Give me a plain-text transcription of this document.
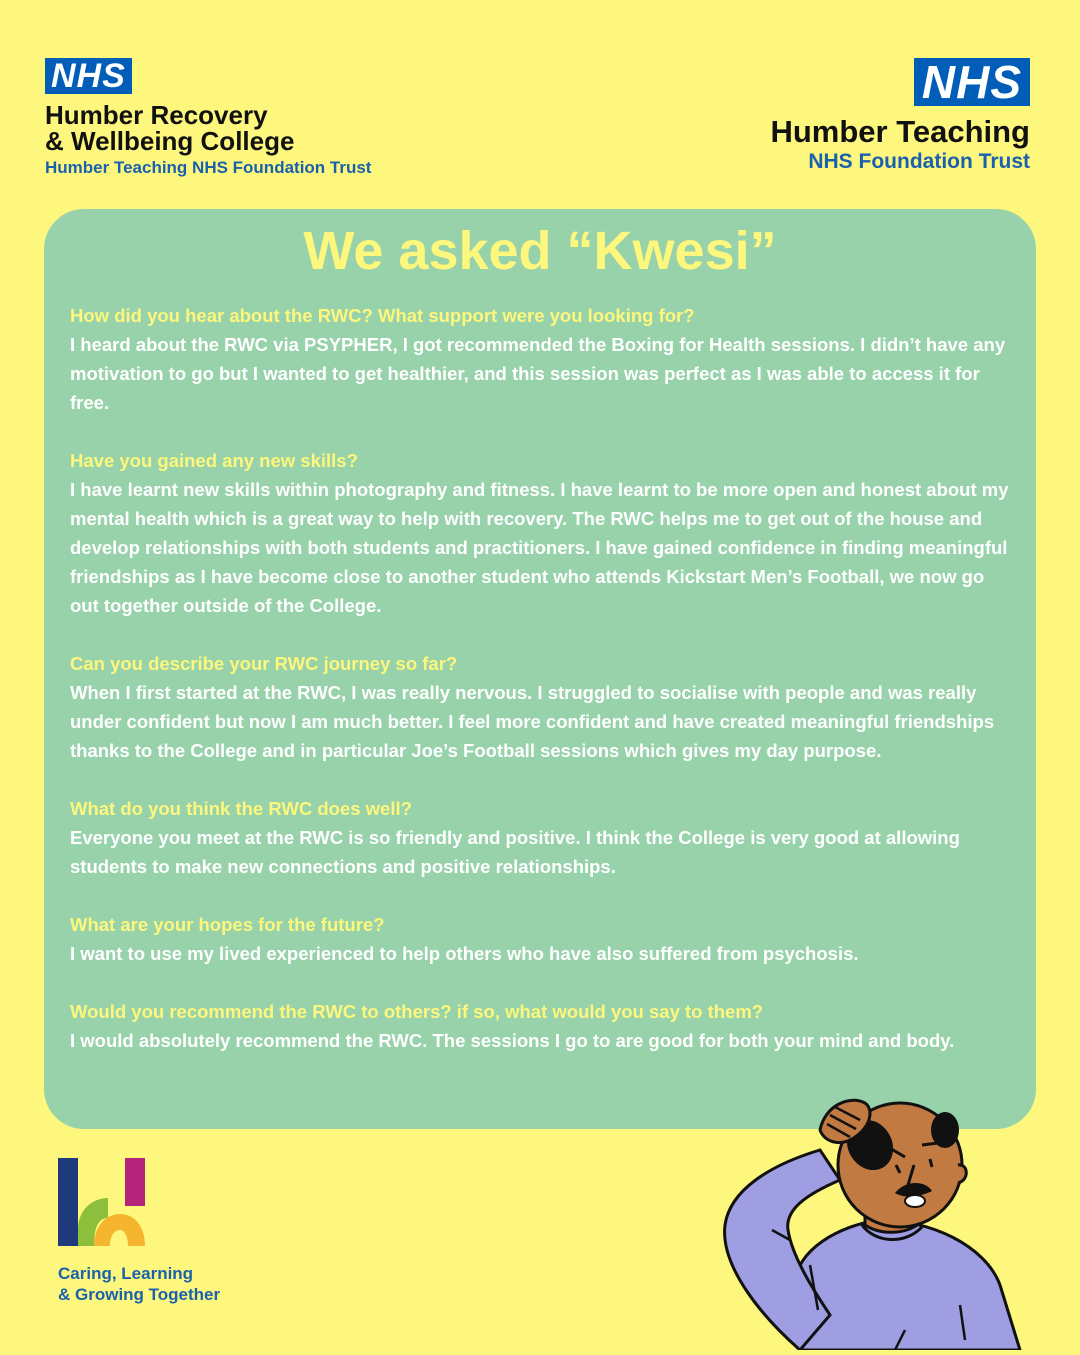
NHS
Humber Recovery
& Wellbeing College
Humber Teaching NHS Foundation Trust
NHS
Humber Teaching
NHS Foundation Trust
We asked “Kwesi”
How did you hear about the RWC? What support were you looking for?
I heard about the RWC via PSYPHER, I got recommended the Boxing for Health sessions. I didn’t have any motivation to go but I wanted to get healthier, and this session was perfect as I was able to access it for free.
Have you gained any new skills?
I have learnt new skills within photography and fitness. I have learnt to be more open and honest about my mental health which is a great way to help with recovery. The RWC helps me to get out of the house and develop relationships with both students and practitioners. I have gained confidence in finding meaningful friendships as I have become close to another student who attends Kickstart Men’s Football, we now go out together outside of the College.
Can you describe your RWC journey so far?
When I first started at the RWC, I was really nervous. I struggled to socialise with people and was really under confident but now I am much better. I feel more confident and have created meaningful friendships thanks to the College and in particular Joe’s Football sessions which gives my day purpose.
What do you think the RWC does well?
Everyone you meet at the RWC is so friendly and positive. I think the College is very good at allowing students to make new connections and positive relationships.
What are your hopes for the future?
I want to use my lived experienced to help others who have also suffered from psychosis.
Would you recommend the RWC to others? if so, what would you say to them?
I would absolutely recommend the RWC. The sessions I go to are good for both your mind and body.
Caring, Learning
& Growing Together
